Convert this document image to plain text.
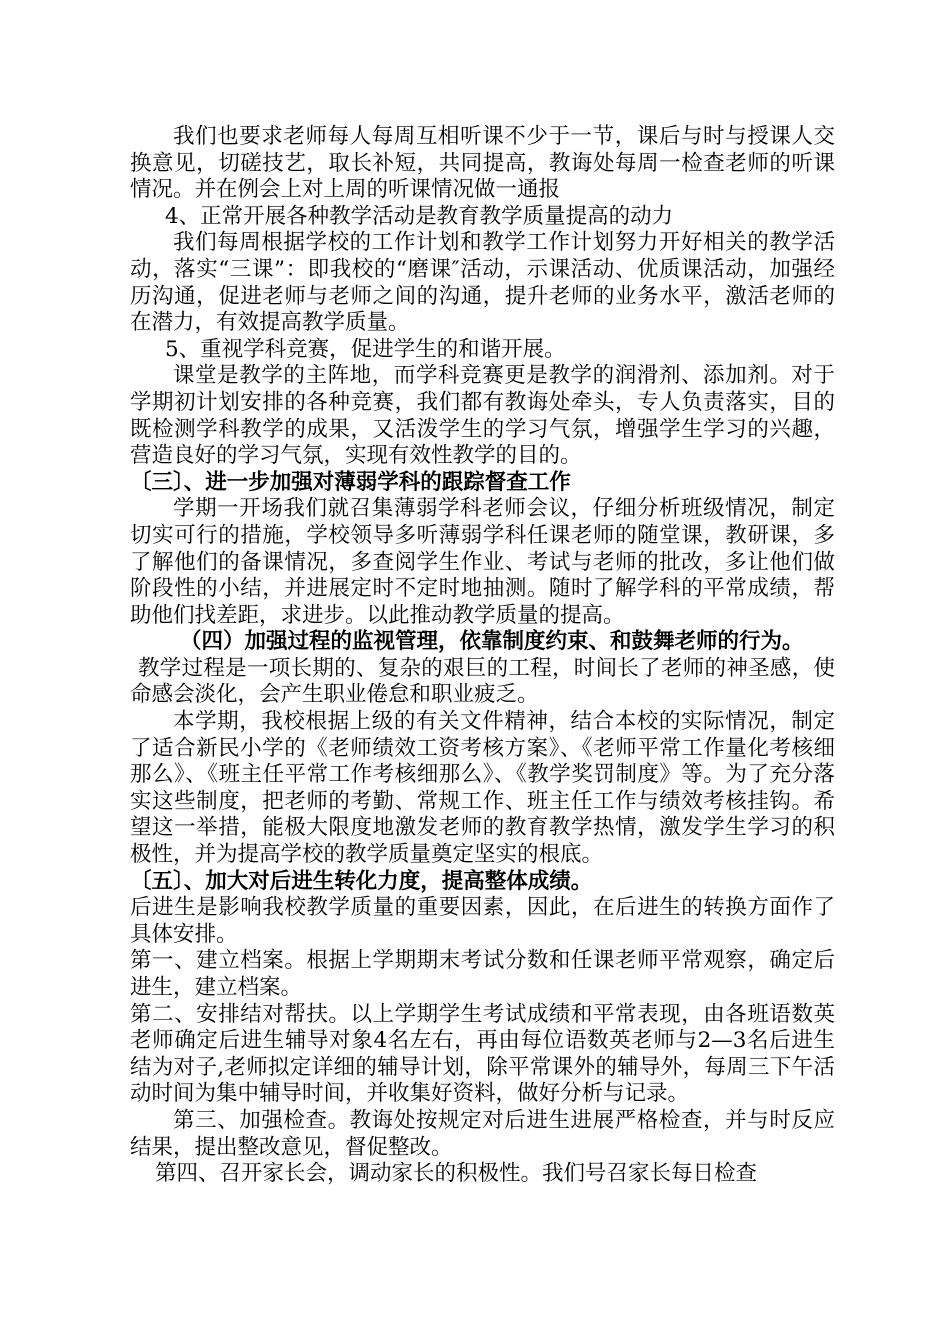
我们也要求老师每人每周互相听课不少于一节，课后与时与授课人交换意见，切磋技艺，取长补短，共同提高，教诲处每周一检查老师的听课情况。并在例会上对上周的听课情况做一通报

4、正常开展各种教学活动是教育教学质量提高的动力

我们每周根据学校的工作计划和教学工作计划努力开好相关的教学活动，落实“三课”：即我校的“磨课″活动，示课活动、优质课活动，加强经历沟通，促进老师与老师之间的沟通，提升老师的业务水平，激活老师的在潜力，有效提高教学质量。

5、重视学科竞赛，促进学生的和谐开展。

课堂是教学的主阵地，而学科竞赛更是教学的润滑剂、添加剂。对于学期初计划安排的各种竞赛，我们都有教诲处牵头，专人负责落实，目的既检测学科教学的成果，又活泼学生的学习气氛，增强学生学习的兴趣，营造良好的学习气氛，实现有效性教学的目的。

〔三〕、进一步加强对薄弱学科的跟踪督查工作

学期一开场我们就召集薄弱学科老师会议，仔细分析班级情况，制定切实可行的措施，学校领导多听薄弱学科任课老师的随堂课，教研课，多了解他们的备课情况，多查阅学生作业、考试与老师的批改，多让他们做阶段性的小结，并进展定时不定时地抽测。随时了解学科的平常成绩，帮助他们找差距，求进步。以此推动教学质量的提高。

（四）加强过程的监视管理，依靠制度约束、和鼓舞老师的行为。

教学过程是一项长期的、复杂的艰巨的工程，时间长了老师的神圣感，使命感会淡化，会产生职业倦怠和职业疲乏。

本学期，我校根据上级的有关文件精神，结合本校的实际情况，制定了适合新民小学的《老师绩效工资考核方案》、《老师平常工作量化考核细那么》、《班主任平常工作考核细那么》、《教学奖罚制度》等。为了充分落实这些制度，把老师的考勤、常规工作、班主任工作与绩效考核挂钩。希望这一举措，能极大限度地激发老师的教育教学热情，激发学生学习的积极性，并为提高学校的教学质量奠定坚实的根底。

〔五〕、加大对后进生转化力度，提高整体成绩。

后进生是影响我校教学质量的重要因素，因此，在后进生的转换方面作了具体安排。

第一、建立档案。根据上学期期末考试分数和任课老师平常观察，确定后进生，建立档案。

第二、安排结对帮扶。以上学期学生考试成绩和平常表现，由各班语数英老师确定后进生辅导对象4名左右，再由每位语数英老师与2—3名后进生结为对子,老师拟定详细的辅导计划，除平常课外的辅导外，每周三下午活动时间为集中辅导时间，并收集好资料，做好分析与记录。

第三、加强检查。教诲处按规定对后进生进展严格检查，并与时反应结果，提出整改意见，督促整改。

第四、召开家长会，调动家长的积极性。我们号召家长每日检查
